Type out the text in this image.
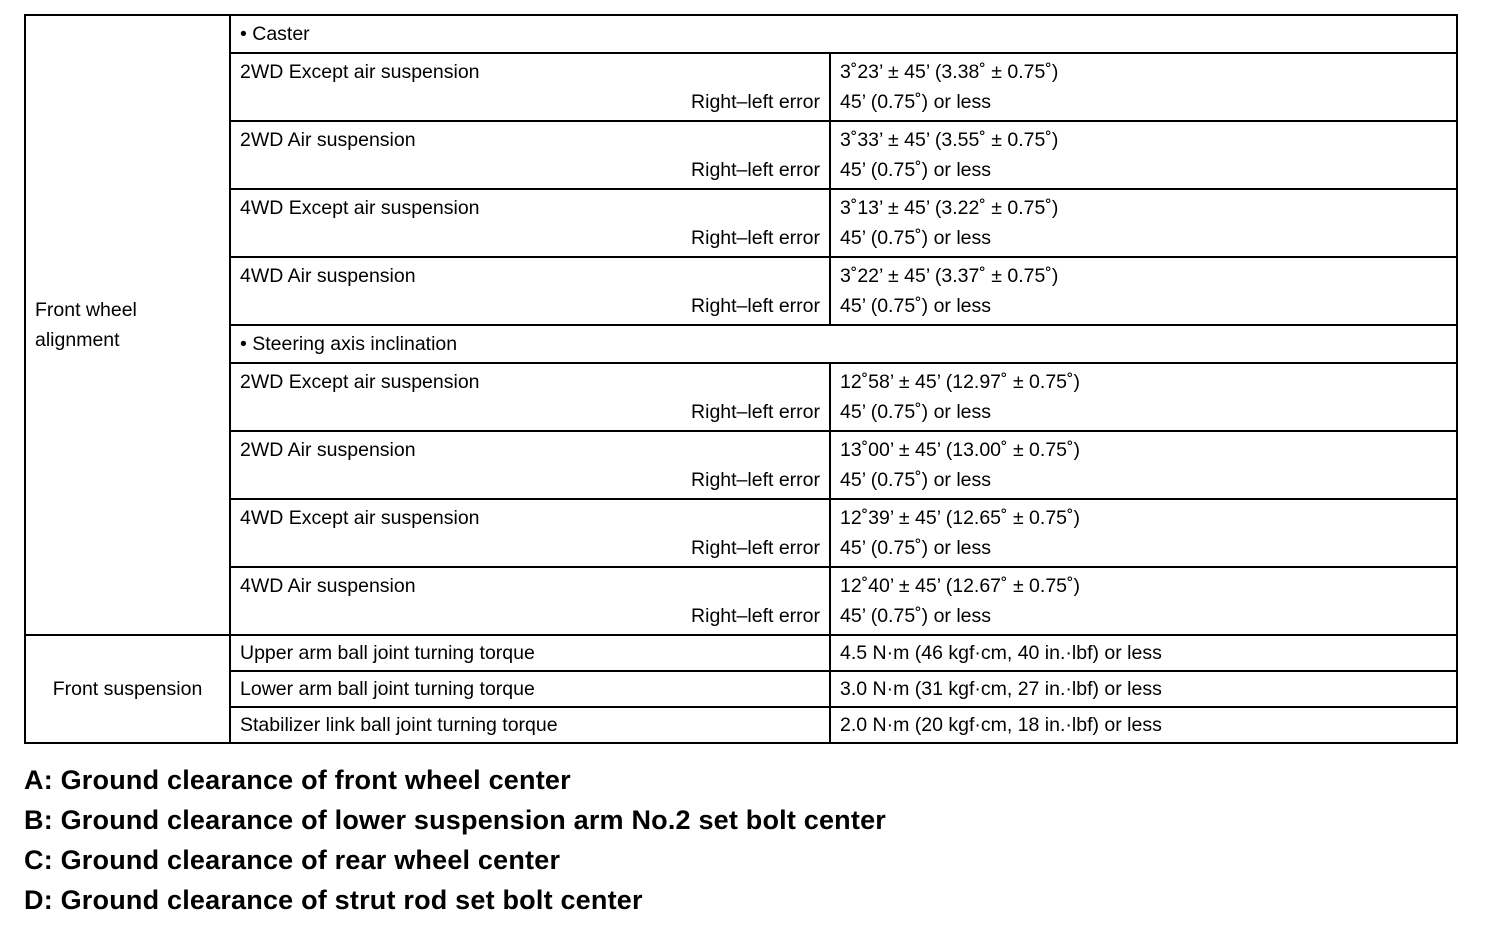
Front wheel
alignment	• Caster	

	2WD Except air suspension
Right–left error	3˚23’ ± 45’ (3.38˚ ± 0.75˚)
45’ (0.75˚) or less

	2WD Air suspension
Right–left error	3˚33’ ± 45’ (3.55˚ ± 0.75˚)
45’ (0.75˚) or less

	4WD Except air suspension
Right–left error	3˚13’ ± 45’ (3.22˚ ± 0.75˚)
45’ (0.75˚) or less

	4WD Air suspension
Right–left error	3˚22’ ± 45’ (3.37˚ ± 0.75˚)
45’ (0.75˚) or less

	• Steering axis inclination	

	2WD Except air suspension
Right–left error	12˚58’ ± 45’ (12.97˚ ± 0.75˚)
45’ (0.75˚) or less

	2WD Air suspension
Right–left error	13˚00’ ± 45’ (13.00˚ ± 0.75˚)
45’ (0.75˚) or less

	4WD Except air suspension
Right–left error	12˚39’ ± 45’ (12.65˚ ± 0.75˚)
45’ (0.75˚) or less

	4WD Air suspension
Right–left error	12˚40’ ± 45’ (12.67˚ ± 0.75˚)
45’ (0.75˚) or less

Front suspension	Upper arm ball joint turning torque	4.5 N·m (46 kgf·cm, 40 in.·lbf) or less
	Lower arm ball joint turning torque	3.0 N·m (31 kgf·cm, 27 in.·lbf) or less
	Stabilizer link ball joint turning torque	2.0 N·m (20 kgf·cm, 18 in.·lbf) or less
A: Ground clearance of front wheel center
B: Ground clearance of lower suspension arm No.2 set bolt center
C: Ground clearance of rear wheel center
D: Ground clearance of strut rod set bolt center
